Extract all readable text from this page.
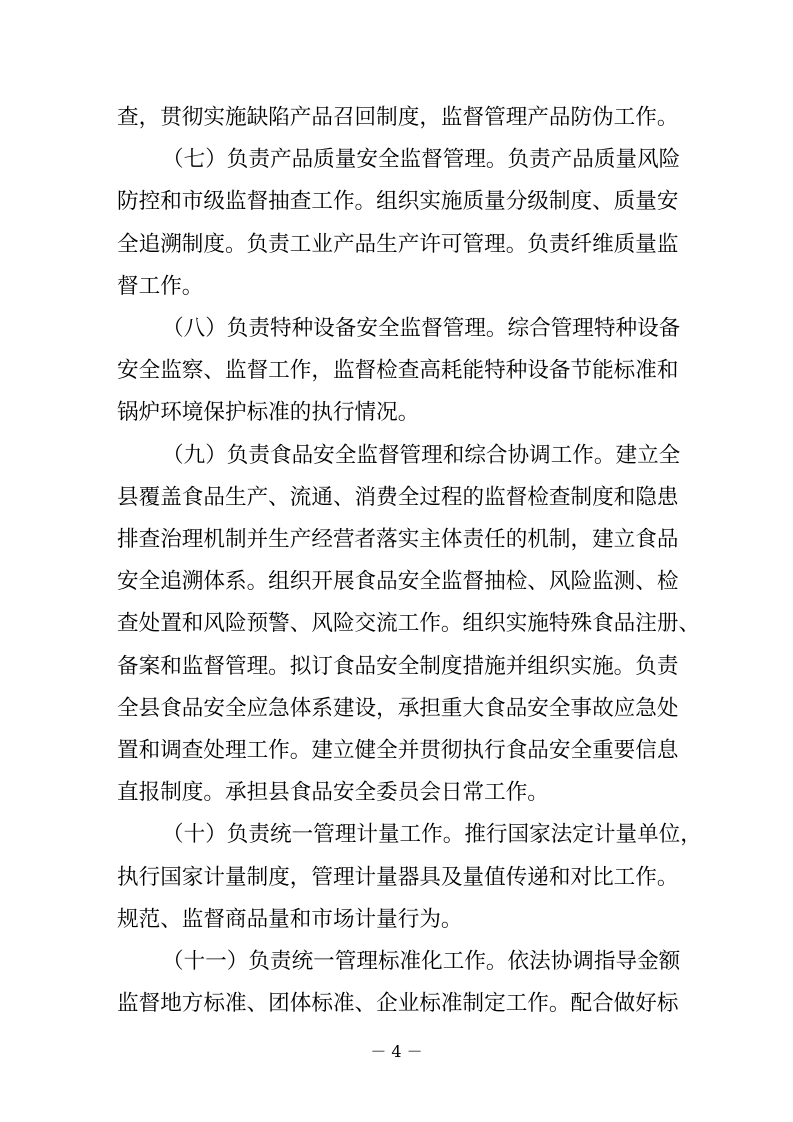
查，贯彻实施缺陷产品召回制度，监督管理产品防伪工作。
（七）负责产品质量安全监督管理。负责产品质量风险
防控和市级监督抽查工作。组织实施质量分级制度、质量安
全追溯制度。负责工业产品生产许可管理。负责纤维质量监
督工作。
（八）负责特种设备安全监督管理。综合管理特种设备
安全监察、监督工作，监督检查高耗能特种设备节能标准和
锅炉环境保护标准的执行情况。
（九）负责食品安全监督管理和综合协调工作。建立全
县覆盖食品生产、流通、消费全过程的监督检查制度和隐患
排查治理机制并生产经营者落实主体责任的机制，建立食品
安全追溯体系。组织开展食品安全监督抽检、风险监测、检
查处置和风险预警、风险交流工作。组织实施特殊食品注册、
备案和监督管理。拟订食品安全制度措施并组织实施。负责
全县食品安全应急体系建设，承担重大食品安全事故应急处
置和调查处理工作。建立健全并贯彻执行食品安全重要信息
直报制度。承担县食品安全委员会日常工作。
（十）负责统一管理计量工作。推行国家法定计量单位，
执行国家计量制度，管理计量器具及量值传递和对比工作。
规范、监督商品量和市场计量行为。
（十一）负责统一管理标准化工作。依法协调指导金额
监督地方标准、团体标准、企业标准制定工作。配合做好标
－ 4 －
